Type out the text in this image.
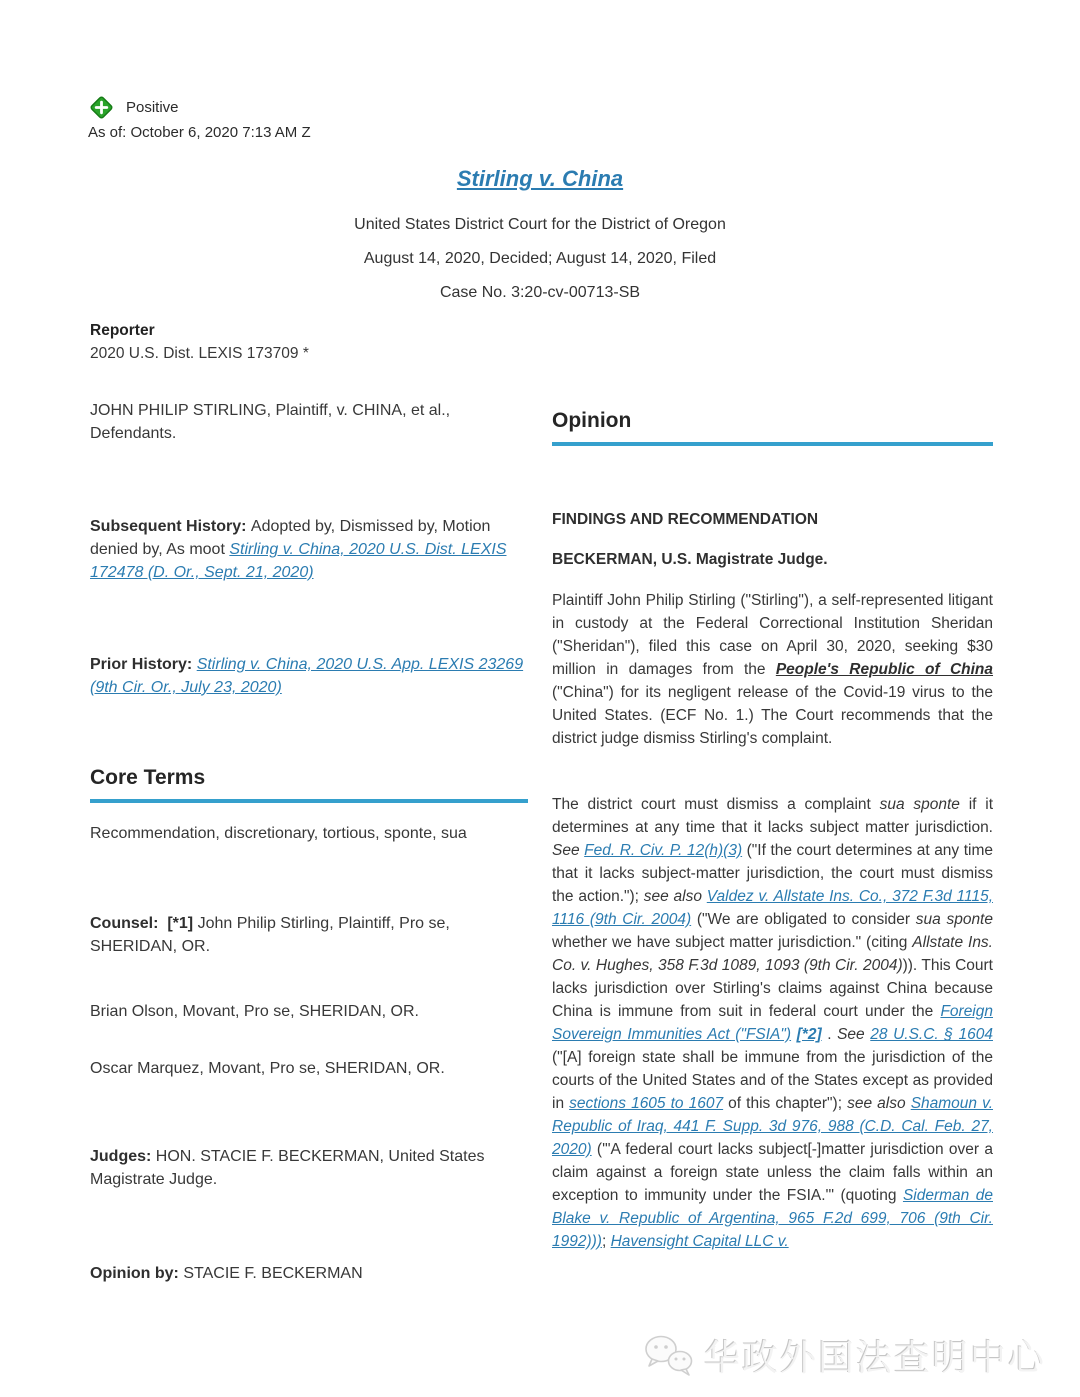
Positive
As of: October 6, 2020 7:13 AM Z
Stirling v. China
United States District Court for the District of Oregon
August 14, 2020, Decided; August 14, 2020, Filed
Case No. 3:20-cv-00713-SB
Reporter
2020 U.S. Dist. LEXIS 173709 *
JOHN PHILIP STIRLING, Plaintiff, v. CHINA, et al., Defendants.
Subsequent History: Adopted by, Dismissed by, Motion denied by, As moot Stirling v. China, 2020 U.S. Dist. LEXIS 172478 (D. Or., Sept. 21, 2020)
Prior History: Stirling v. China, 2020 U.S. App. LEXIS 23269 (9th Cir. Or., July 23, 2020)
Core Terms
Recommendation, discretionary, tortious, sponte, sua
Counsel:  [*1] John Philip Stirling, Plaintiff, Pro se, SHERIDAN, OR.
Brian Olson, Movant, Pro se, SHERIDAN, OR.
Oscar Marquez, Movant, Pro se, SHERIDAN, OR.
Judges: HON. STACIE F. BECKERMAN, United States Magistrate Judge.
Opinion by: STACIE F. BECKERMAN
Opinion
FINDINGS AND RECOMMENDATION
BECKERMAN, U.S. Magistrate Judge.
Plaintiff John Philip Stirling ("Stirling"), a self-represented litigant in custody at the Federal Correctional Institution Sheridan ("Sheridan"), filed this case on April 30, 2020, seeking $30 million in damages from the People's Republic of China ("China") for its negligent release of the Covid-19 virus to the United States. (ECF No. 1.) The Court recommends that the district judge dismiss Stirling's complaint.
The district court must dismiss a complaint sua sponte if it determines at any time that it lacks subject matter jurisdiction. See Fed. R. Civ. P. 12(h)(3) ("If the court determines at any time that it lacks subject-matter jurisdiction, the court must dismiss the action."); see also Valdez v. Allstate Ins. Co., 372 F.3d 1115, 1116 (9th Cir. 2004) ("We are obligated to consider sua sponte whether we have subject matter jurisdiction." (citing Allstate Ins. Co. v. Hughes, 358 F.3d 1089, 1093 (9th Cir. 2004))). This Court lacks jurisdiction over Stirling's claims against China because China is immune from suit in federal court under the Foreign Sovereign Immunities Act ("FSIA") [*2] . See 28 U.S.C. § 1604 ("[A] foreign state shall be immune from the jurisdiction of the courts of the United States and of the States except as provided in sections 1605 to 1607 of this chapter"); see also Shamoun v. Republic of Iraq, 441 F. Supp. 3d 976, 988 (C.D. Cal. Feb. 27, 2020) ('"A federal court lacks subject[-]matter jurisdiction over a claim against a foreign state unless the claim falls within an exception to immunity under the FSIA.'" (quoting Siderman de Blake v. Republic of Argentina, 965 F.2d 699, 706 (9th Cir. 1992))); Havensight Capital LLC v.
华政外国法查明中心
